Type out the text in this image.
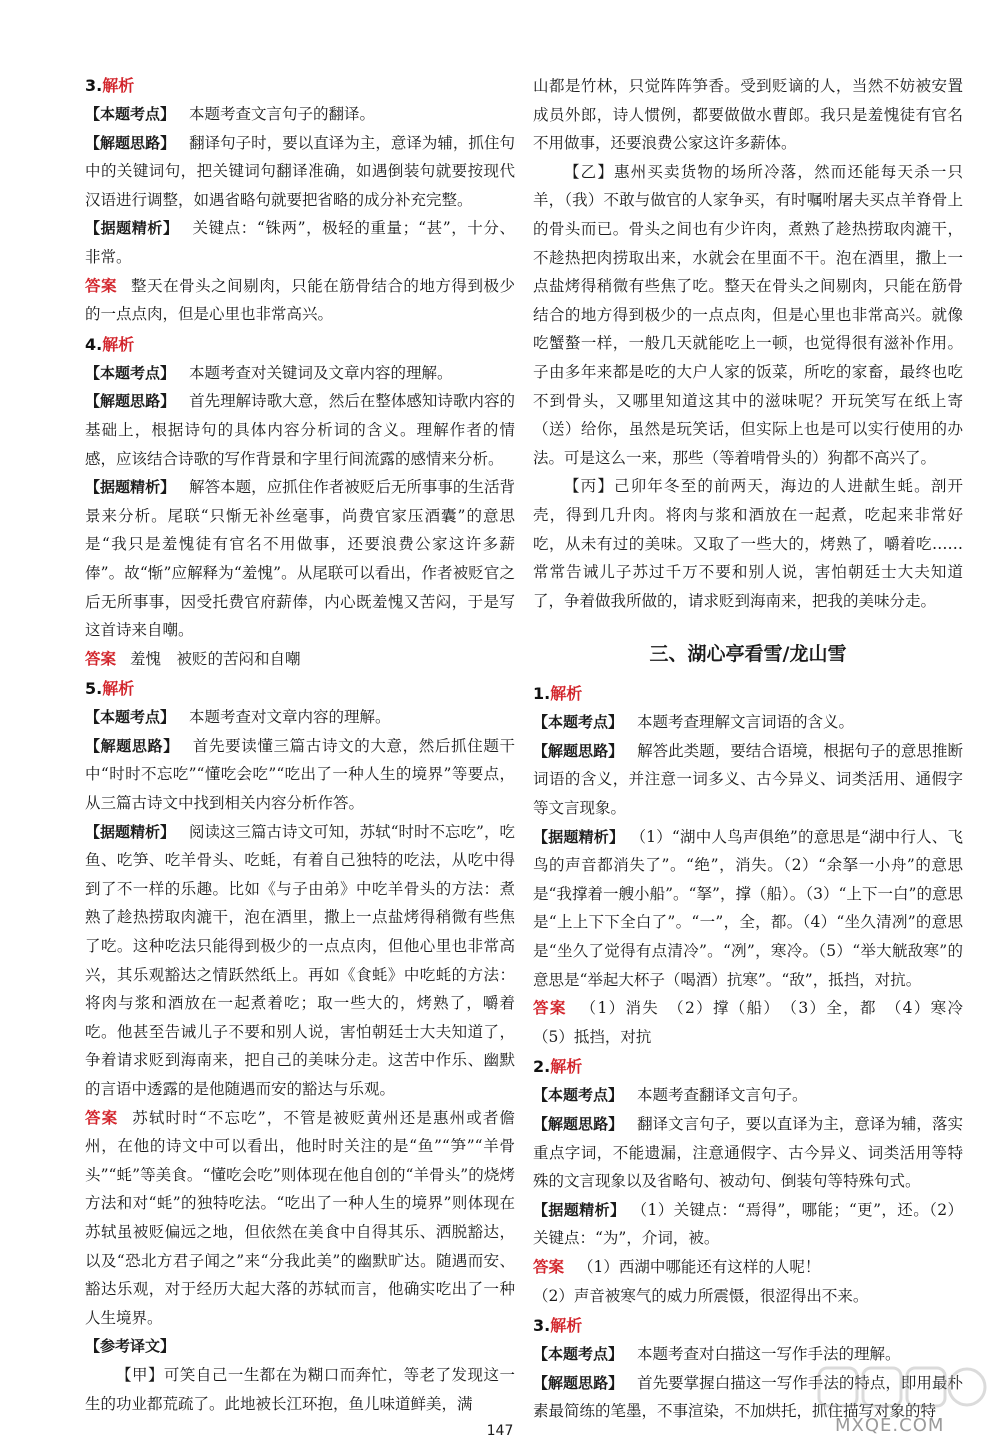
3.解析
【本题考点】 本题考查文言句子的翻译。
【解题思路】 翻译句子时，要以直译为主，意译为辅，抓住句中的关键词句，把关键词句翻译准确，如遇倒装句就要按现代汉语进行调整，如遇省略句就要把省略的成分补充完整。
【据题精析】 关键点：“铢两”，极轻的重量；“甚”，十分、非常。
答案 整天在骨头之间剔肉，只能在筋骨结合的地方得到极少的一点点肉，但是心里也非常高兴。
4.解析
【本题考点】 本题考查对关键词及文章内容的理解。
【解题思路】 首先理解诗歌大意，然后在整体感知诗歌内容的基础上，根据诗句的具体内容分析词的含义。理解作者的情感，应该结合诗歌的写作背景和字里行间流露的感情来分析。
【据题精析】 解答本题，应抓住作者被贬后无所事事的生活背景来分析。尾联“只惭无补丝毫事，尚费官家压酒囊”的意思是“我只是羞愧徒有官名不用做事，还要浪费公家这许多薪俸”。故“惭”应解释为“羞愧”。从尾联可以看出，作者被贬官之后无所事事，因受托费官府薪俸，内心既羞愧又苦闷，于是写这首诗来自嘲。
答案 羞愧　被贬的苦闷和自嘲
5.解析
【本题考点】 本题考查对文章内容的理解。
【解题思路】 首先要读懂三篇古诗文的大意，然后抓住题干中“时时不忘吃”“懂吃会吃”“吃出了一种人生的境界”等要点，从三篇古诗文中找到相关内容分析作答。
【据题精析】 阅读这三篇古诗文可知，苏轼“时时不忘吃”，吃鱼、吃笋、吃羊骨头、吃蚝，有着自己独特的吃法，从吃中得到了不一样的乐趣。比如《与子由弟》中吃羊骨头的方法：煮熟了趁热捞取肉漉干，泡在酒里，撒上一点盐烤得稍微有些焦了吃。这种吃法只能得到极少的一点点肉，但他心里也非常高兴，其乐观豁达之情跃然纸上。再如《食蚝》中吃蚝的方法：将肉与浆和酒放在一起煮着吃；取一些大的，烤熟了，嚼着吃。他甚至告诫儿子不要和别人说，害怕朝廷士大夫知道了，争着请求贬到海南来，把自己的美味分走。这苦中作乐、幽默的言语中透露的是他随遇而安的豁达与乐观。
答案 苏轼时时“不忘吃”，不管是被贬黄州还是惠州或者儋州，在他的诗文中可以看出，他时时关注的是“鱼”“笋”“羊骨头”“蚝”等美食。“懂吃会吃”则体现在他自创的“羊骨头”的烧烤方法和对“蚝”的独特吃法。“吃出了一种人生的境界”则体现在苏轼虽被贬偏远之地，但依然在美食中自得其乐、洒脱豁达，以及“恐北方君子闻之”来“分我此美”的幽默旷达。随遇而安、豁达乐观，对于经历大起大落的苏轼而言，他确实吃出了一种人生境界。
【参考译文】
【甲】可笑自己一生都在为糊口而奔忙，等老了发现这一生的功业都荒疏了。此地被长江环抱，鱼儿味道鲜美，满
山都是竹林，只觉阵阵笋香。受到贬谪的人，当然不妨被安置成员外郎，诗人惯例，都要做做水曹郎。我只是羞愧徒有官名不用做事，还要浪费公家这许多薪体。
【乙】惠州买卖货物的场所冷落，然而还能每天杀一只羊，（我）不敢与做官的人家争买，有时嘱咐屠夫买点羊脊骨上的骨头而已。骨头之间也有少许肉，煮熟了趁热捞取肉漉干，不趁热把肉捞取出来，水就会在里面不干。泡在酒里，撒上一点盐烤得稍微有些焦了吃。整天在骨头之间剔肉，只能在筋骨结合的地方得到极少的一点点肉，但是心里也非常高兴。就像吃蟹螯一样，一般几天就能吃上一顿，也觉得很有滋补作用。子由多年来都是吃的大户人家的饭菜，所吃的家畜，最终也吃不到骨头，又哪里知道这其中的滋味呢？开玩笑写在纸上寄（送）给你，虽然是玩笑话，但实际上也是可以实行使用的办法。可是这么一来，那些（等着啃骨头的）狗都不高兴了。
【丙】己卯年冬至的前两天，海边的人进献生蚝。剖开壳，得到几升肉。将肉与浆和酒放在一起煮，吃起来非常好吃，从未有过的美味。又取了一些大的，烤熟了，嚼着吃……常常告诫儿子苏过千万不要和别人说，害怕朝廷士大夫知道了，争着做我所做的，请求贬到海南来，把我的美味分走。
三、湖心亭看雪/龙山雪
1.解析
【本题考点】 本题考查理解文言词语的含义。
【解题思路】 解答此类题，要结合语境，根据句子的意思推断词语的含义，并注意一词多义、古今异义、词类活用、通假字等文言现象。
【据题精析】 （1）“湖中人鸟声俱绝”的意思是“湖中行人、飞鸟的声音都消失了”。“绝”，消失。（2）“余拏一小舟”的意思是“我撑着一艘小船”。“拏”，撑（船）。（3）“上下一白”的意思是“上上下下全白了”。“一”，全，都。（4）“坐久清冽”的意思是“坐久了觉得有点清冷”。“冽”，寒冷。（5）“举大觥敌寒”的意思是“举起大杯子（喝酒）抗寒”。“敌”，抵挡，对抗。
答案 （1）消失　（2）撑（船）　（3）全，都　（4）寒冷　（5）抵挡，对抗
2.解析
【本题考点】 本题考查翻译文言句子。
【解题思路】 翻译文言句子，要以直译为主，意译为辅，落实重点字词，不能遗漏，注意通假字、古今异义、词类活用等特殊的文言现象以及省略句、被动句、倒装句等特殊句式。
【据题精析】 （1）关键点：“焉得”，哪能；“更”，还。（2）关键点：“为”，介词，被。
答案 （1）西湖中哪能还有这样的人呢！
（2）声音被寒气的威力所震慑，很涩得出不来。
3.解析
【本题考点】 本题考查对白描这一写作手法的理解。
【解题思路】 首先要掌握白描这一写作手法的特点，即用最朴素最简练的笔墨，不事渲染，不加烘托，抓住描写对象的特
147	MXQE.COM
